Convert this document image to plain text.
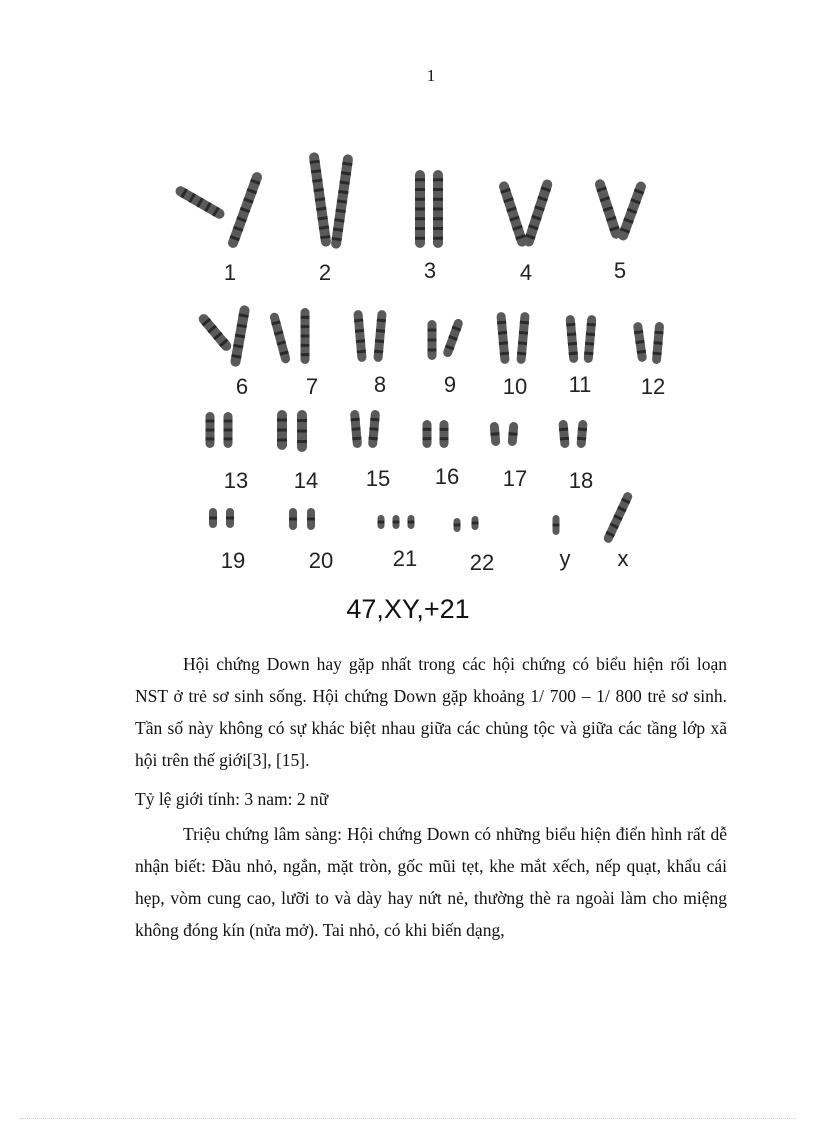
1
1	2	3	4	5
6	7	8	9 10 11 12
13 14 15 16 17 18
19	20	21 22	y x
47,XY,+21
Hội chứng Down hay gặp nhất trong các hội chứng có biểu hiện rối loạn NST ở trẻ sơ sinh sống. Hội chứng Down gặp khoảng 1/ 700 – 1/ 800 trẻ sơ sinh. Tần số này không có sự khác biệt nhau giữa các chủng tộc và giữa các tầng lớp xã hội trên thế giới[3], [15].
Tỷ lệ giới tính: 3 nam: 2 nữ
Triệu chứng lâm sàng: Hội chứng Down có những biểu hiện điển hình rất dễ nhận biết: Đầu nhỏ, ngắn, mặt tròn, gốc mũi tẹt, khe mắt xếch, nếp quạt, khẩu cái hẹp, vòm cung cao, lưỡi to và dày hay nứt nẻ, thường thè ra ngoài làm cho miệng không đóng kín (nửa mở). Tai nhỏ, có khi biến dạng,
